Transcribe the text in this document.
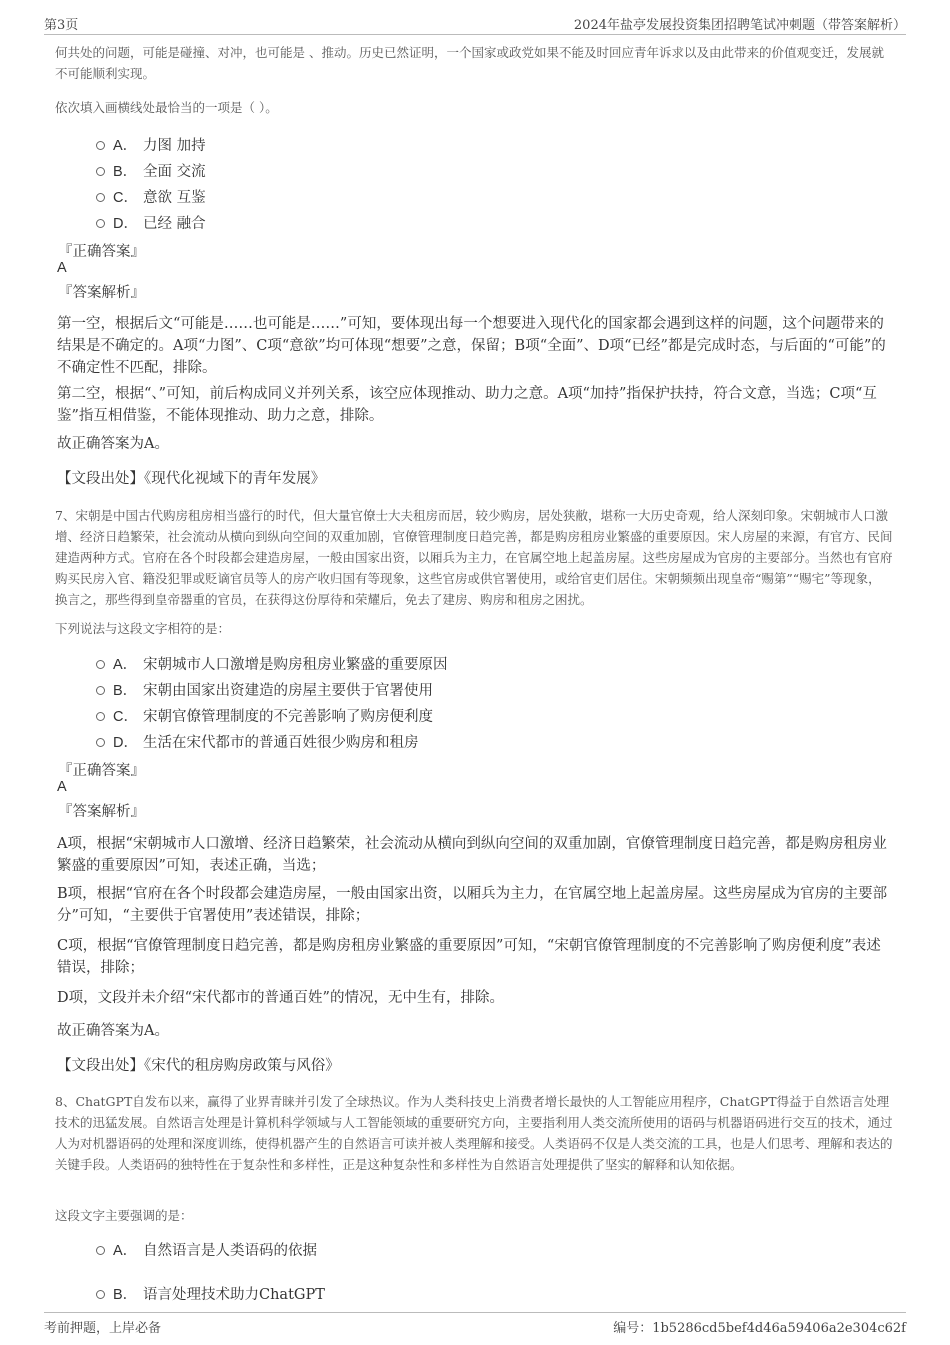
第3页	2024年盐亭发展投资集团招聘笔试冲刺题（带答案解析）

何共处的问题，可能是碰撞、对冲，也可能是 、推动。历史已然证明，一个国家或政党如果不能及时回应青年诉求以及由此带来的价值观变迁，发展就不可能顺利实现。

依次填入画横线处最恰当的一项是（ ）。
A． 力图 加持
B． 全面 交流
C． 意欲 互鉴
D． 已经 融合
『正确答案』
A
『答案解析』

第一空，根据后文“可能是……也可能是……”可知，要体现出每一个想要进入现代化的国家都会遇到这样的问题，这个问题带来的结果是不确定的。A项“力图”、C项“意欲”均可体现“想要”之意，保留；B项“全面”、D项“已经”都是完成时态，与后面的“可能”的不确定性不匹配，排除。

第二空，根据“、”可知，前后构成同义并列关系，该空应体现推动、助力之意。A项“加持”指保护扶持，符合文意，当选；C项“互鉴”指互相借鉴，不能体现推动、助力之意，排除。

故正确答案为A。

【文段出处】《现代化视域下的青年发展》

7、宋朝是中国古代购房租房相当盛行的时代，但大量官僚士大夫租房而居，较少购房，居处狭敝，堪称一大历史奇观，给人深刻印象。宋朝城市人口激增、经济日趋繁荣，社会流动从横向到纵向空间的双重加剧，官僚管理制度日趋完善，都是购房租房业繁盛的重要原因。宋人房屋的来源，有官方、民间建造两种方式。官府在各个时段都会建造房屋，一般由国家出资，以厢兵为主力，在官属空地上起盖房屋。这些房屋成为官房的主要部分。当然也有官府购买民房入官、籍没犯罪或贬谪官员等人的房产收归国有等现象，这些官房或供官署使用，或给官吏们居住。宋朝频频出现皇帝“赐第”“赐宅”等现象，换言之，那些得到皇帝器重的官员，在获得这份厚待和荣耀后，免去了建房、购房和租房之困扰。

下列说法与这段文字相符的是：
A． 宋朝城市人口激增是购房租房业繁盛的重要原因
B． 宋朝由国家出资建造的房屋主要供于官署使用
C． 宋朝官僚管理制度的不完善影响了购房便利度
D． 生活在宋代都市的普通百姓很少购房和租房
『正确答案』
A
『答案解析』

A项，根据“宋朝城市人口激增、经济日趋繁荣，社会流动从横向到纵向空间的双重加剧，官僚管理制度日趋完善，都是购房租房业繁盛的重要原因”可知，表述正确，当选；

B项，根据“官府在各个时段都会建造房屋，一般由国家出资，以厢兵为主力，在官属空地上起盖房屋。这些房屋成为官房的主要部分”可知，“主要供于官署使用”表述错误，排除；

C项，根据“官僚管理制度日趋完善，都是购房租房业繁盛的重要原因”可知，“宋朝官僚管理制度的不完善影响了购房便利度”表述错误，排除；

D项，文段并未介绍“宋代都市的普通百姓”的情况，无中生有，排除。

故正确答案为A。

【文段出处】《宋代的租房购房政策与风俗》

8、ChatGPT自发布以来，赢得了业界青睐并引发了全球热议。作为人类科技史上消费者增长最快的人工智能应用程序，ChatGPT得益于自然语言处理技术的迅猛发展。自然语言处理是计算机科学领域与人工智能领域的重要研究方向，主要指利用人类交流所使用的语码与机器语码进行交互的技术，通过人为对机器语码的处理和深度训练，使得机器产生的自然语言可读并被人类理解和接受。人类语码不仅是人类交流的工具，也是人们思考、理解和表达的关键手段。人类语码的独特性在于复杂性和多样性，正是这种复杂性和多样性为自然语言处理提供了坚实的解释和认知依据。

这段文字主要强调的是：
A． 自然语言是人类语码的依据
B． 语言处理技术助力ChatGPT
考前押题，上岸必备	编号：1b5286cd5bef4d46a59406a2e304c62f
